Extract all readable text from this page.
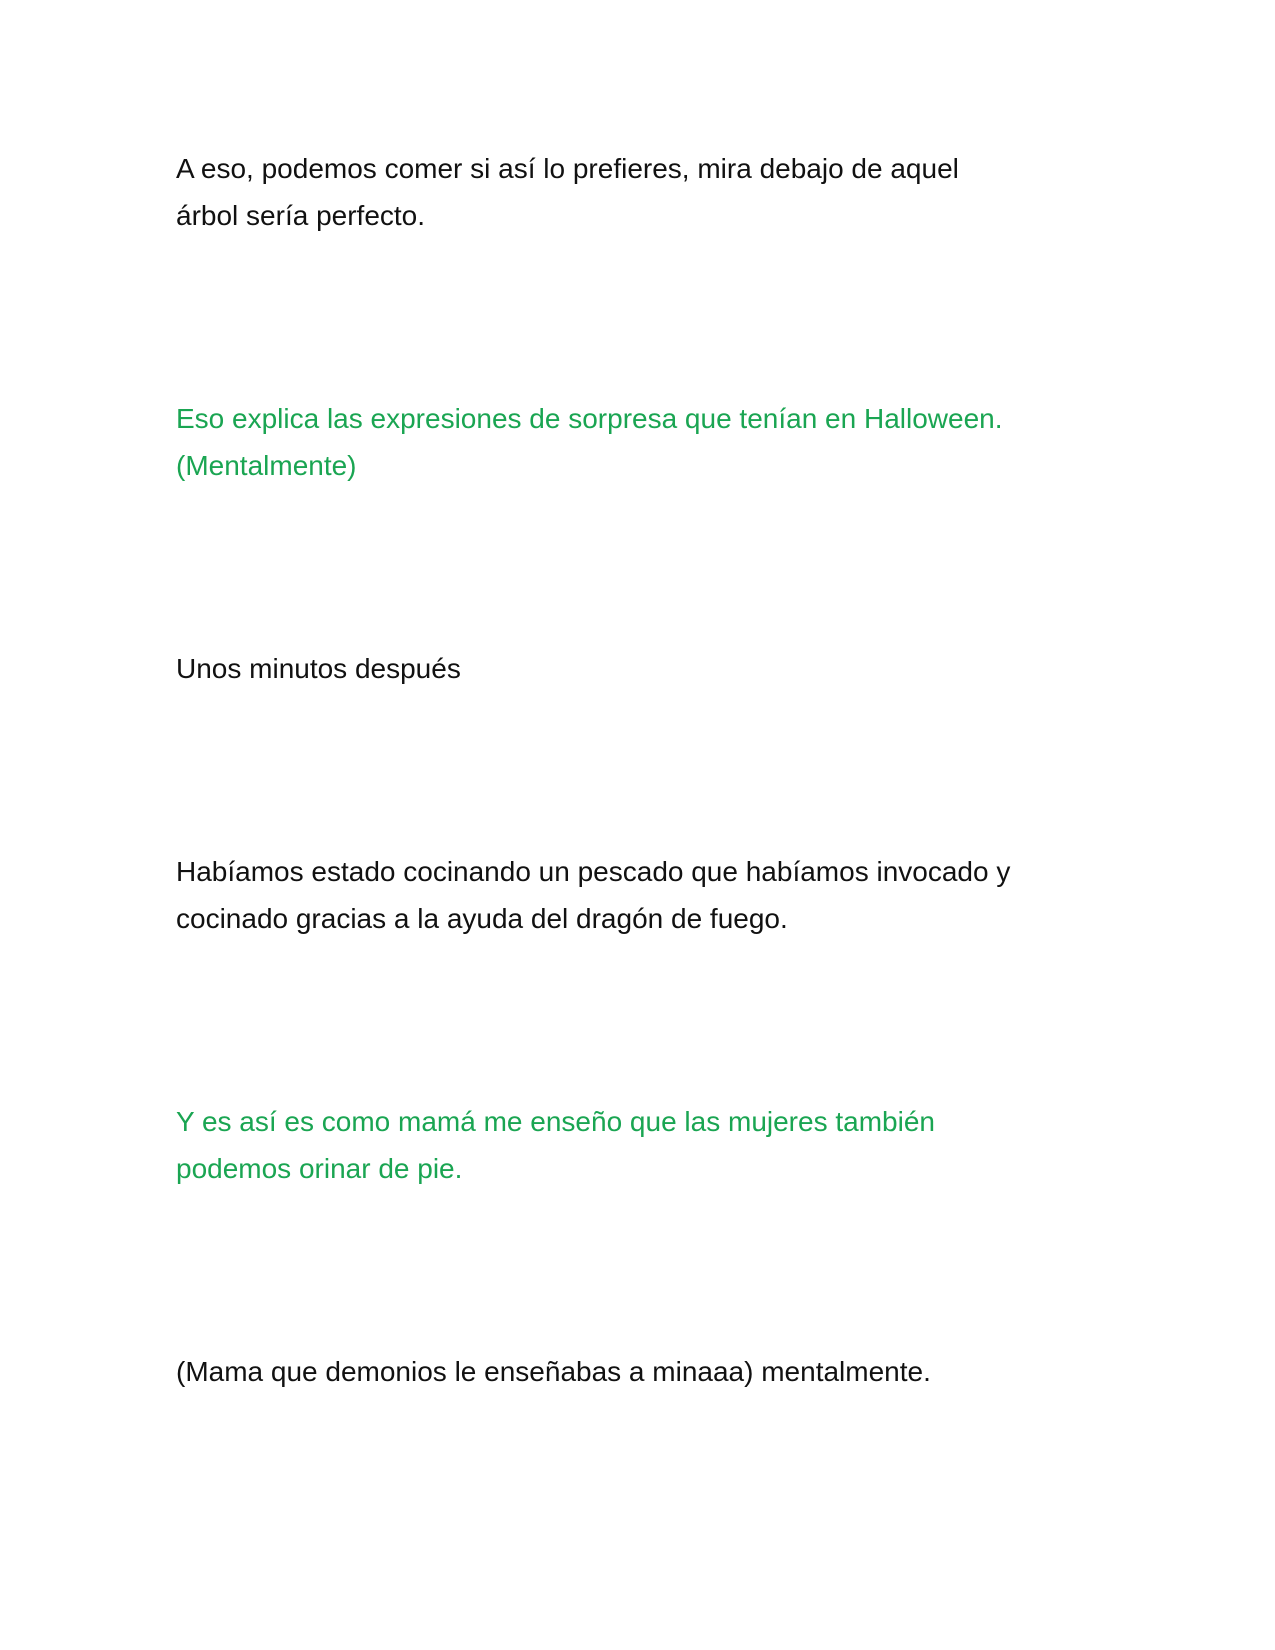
A eso, podemos comer si así lo prefieres, mira debajo de aquel
árbol sería perfecto.

Eso explica las expresiones de sorpresa que tenían en Halloween.
(Mentalmente)

Unos minutos después

Habíamos estado cocinando un pescado que habíamos invocado y
cocinado gracias a la ayuda del dragón de fuego.

Y es así es como mamá me enseño que las mujeres también
podemos orinar de pie.

(Mama que demonios le enseñabas a minaaa) mentalmente.
